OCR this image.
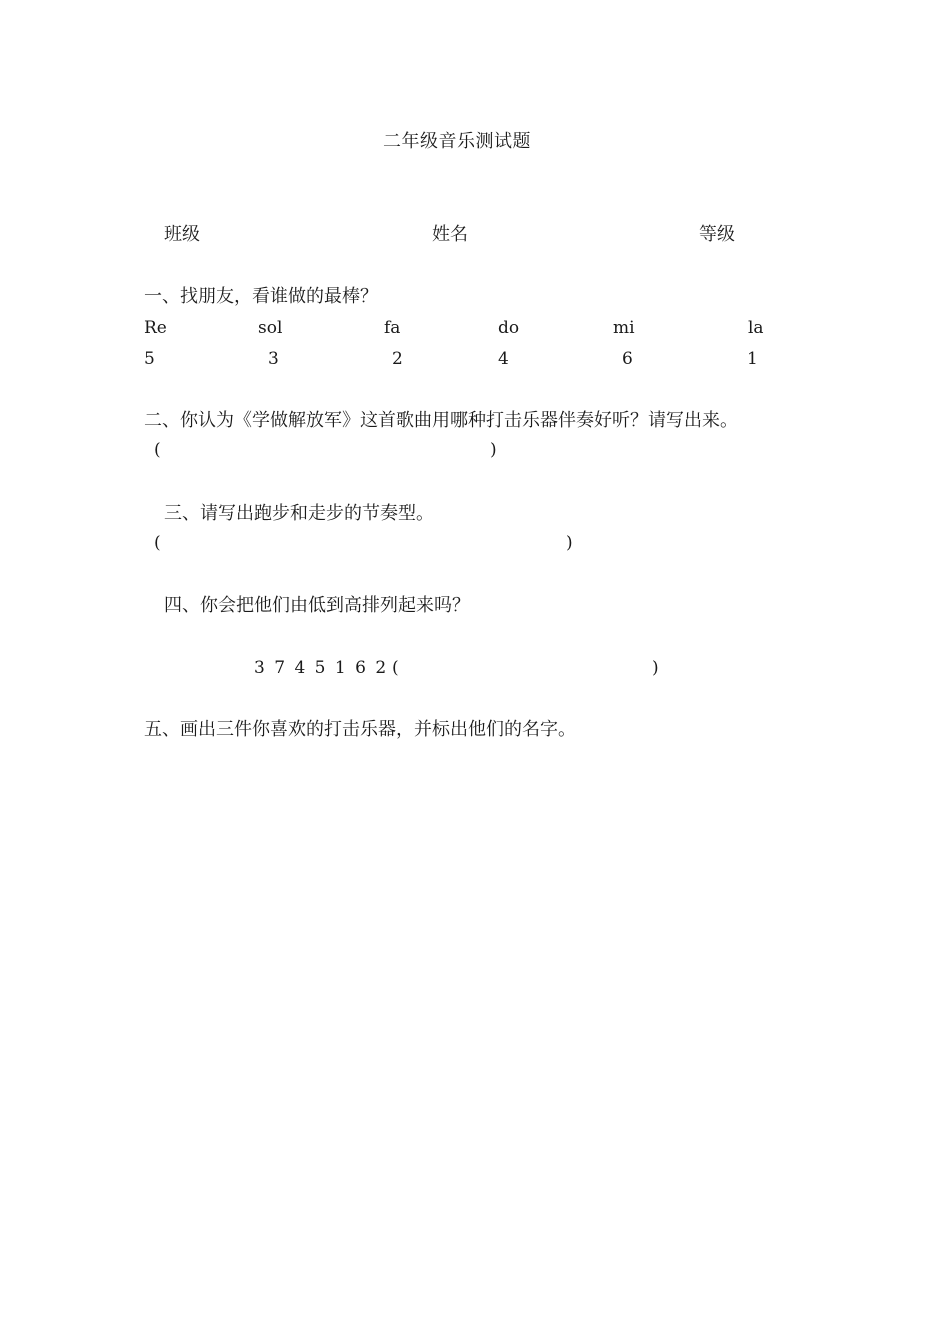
二年级音乐测试题
班级	姓名	等级
一、找朋友，看谁做的最棒？
Re	sol	fa	do	mi	la
5	3	2	4	6	1
二、你认为《学做解放军》这首歌曲用哪种打击乐器伴奏好听？请写出来。
(	)
三、请写出跑步和走步的节奏型。
(	)
四、你会把他们由低到高排列起来吗？
3 7 4 5 1 6 2 (	)
五、画出三件你喜欢的打击乐器，并标出他们的名字。
